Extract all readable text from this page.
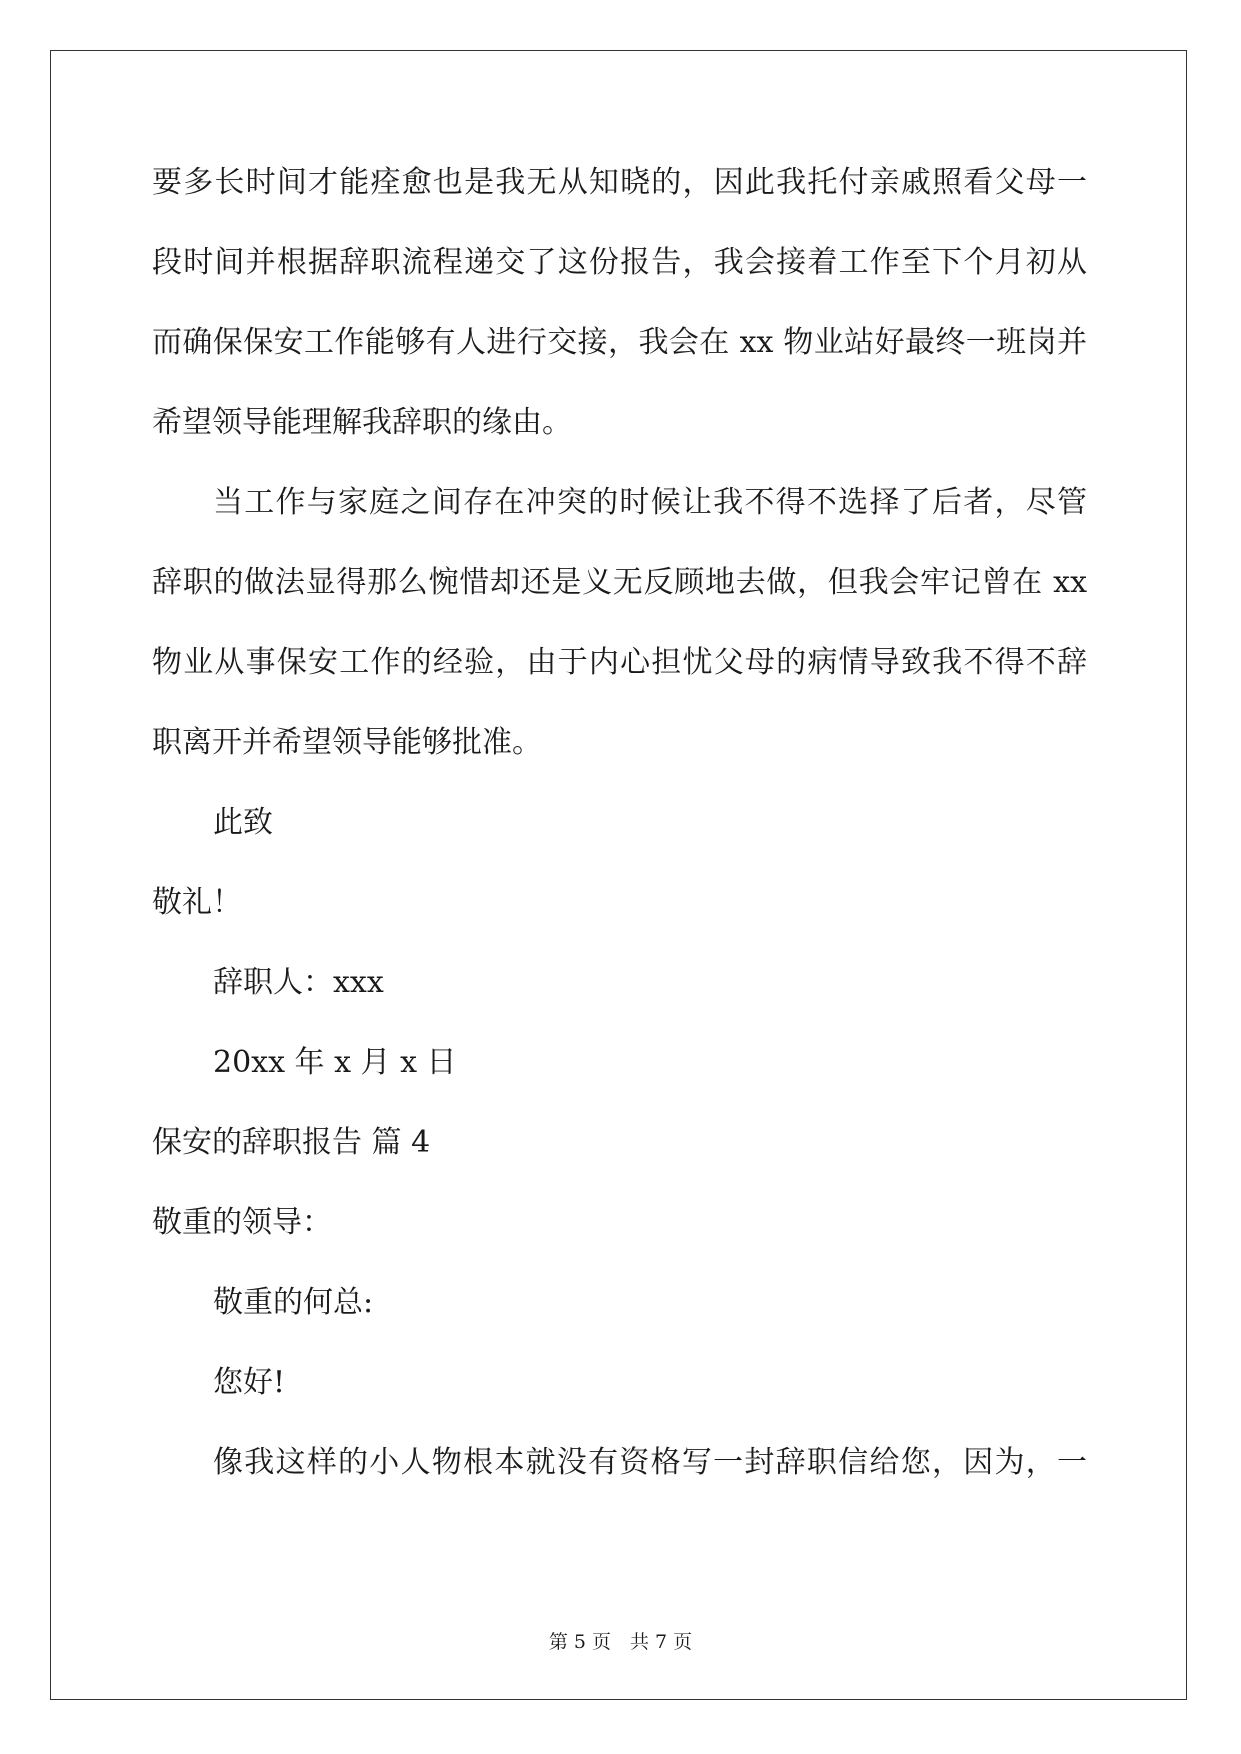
要多长时间才能痊愈也是我无从知晓的，因此我托付亲戚照看父母一
段时间并根据辞职流程递交了这份报告，我会接着工作至下个月初从
而确保保安工作能够有人进行交接，我会在 xx 物业站好最终一班岗并
希望领导能理解我辞职的缘由。
当工作与家庭之间存在冲突的时候让我不得不选择了后者，尽管
辞职的做法显得那么惋惜却还是义无反顾地去做，但我会牢记曾在 xx
物业从事保安工作的经验，由于内心担忧父母的病情导致我不得不辞
职离开并希望领导能够批准。
此致
敬礼！
辞职人：xxx
20xx 年 x 月 x 日
保安的辞职报告 篇 4
敬重的领导：
敬重的何总:
您好!
像我这样的小人物根本就没有资格写一封辞职信给您，因为，一
第 5 页　共 7 页
